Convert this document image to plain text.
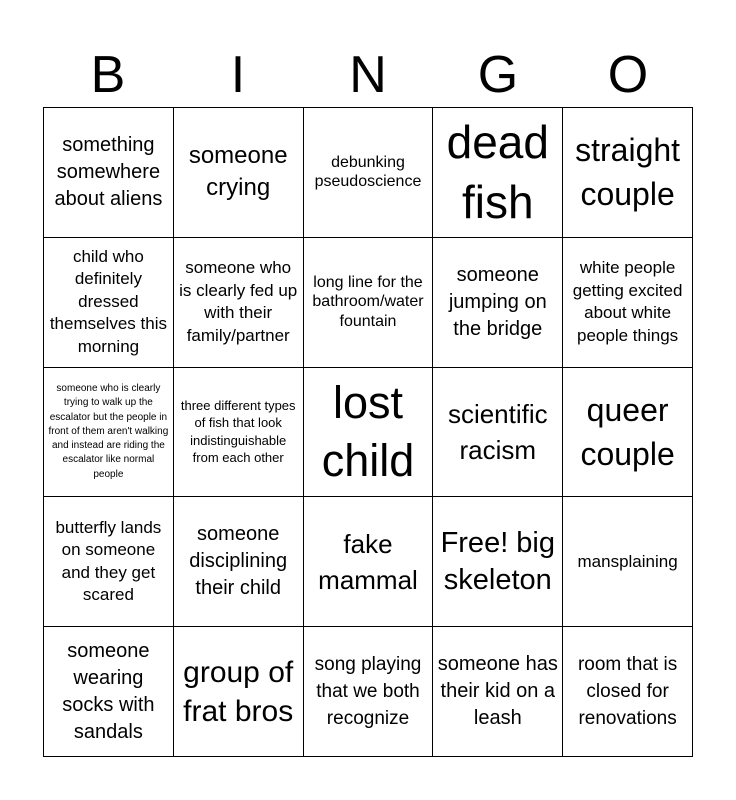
B	I	N	G	O
something somewhere about aliens
someone crying
debunking pseudoscience
dead fish
straight couple
child who definitely dressed themselves this morning
someone who is clearly fed up with their family/partner
long line for the bathroom/water fountain
someone jumping on the bridge
white people getting excited about white people things
someone who is clearly trying to walk up the escalator but the people in front of them aren't walking and instead are riding the escalator like normal people
three different types of fish that look indistinguishable from each other
lost child
scientific racism
queer couple
butterfly lands on someone and they get scared
someone disciplining their child
fake mammal
Free! big skeleton
mansplaining
someone wearing socks with sandals
group of frat bros
song playing that we both recognize
someone has their kid on a leash
room that is closed for renovations
